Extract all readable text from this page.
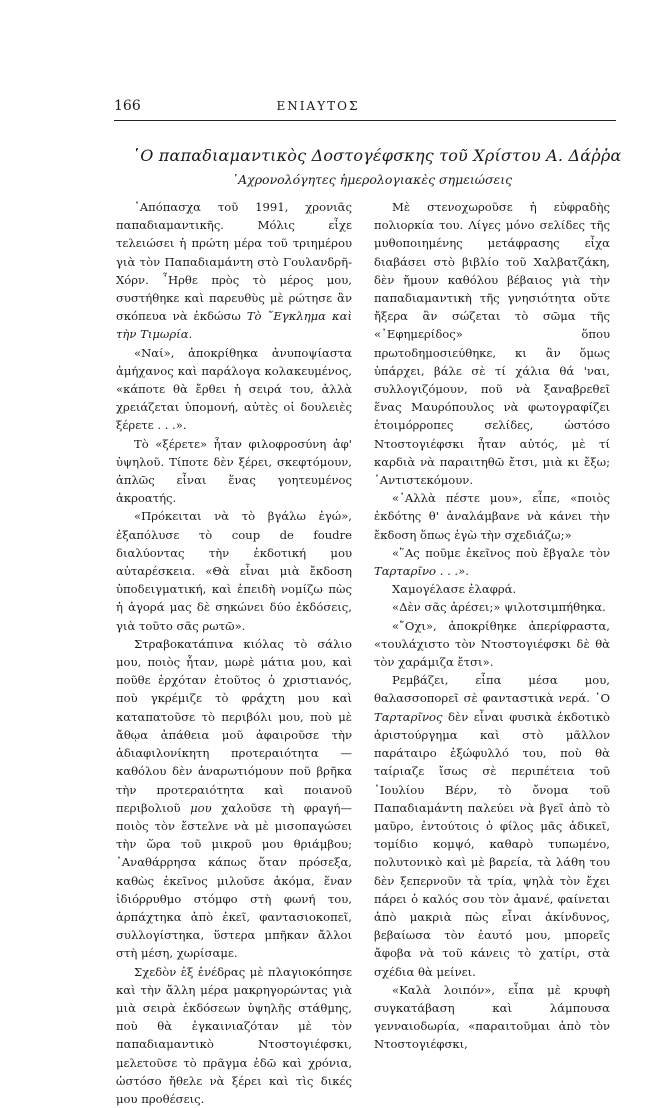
166	ΕΝΙΑΥΤΟΣ
῾Ο παπαδιαμαντικὸς Δοστογέφσκης τοῦ Χρίστου Α. Δάῤῥα
᾽Αχρονολόγητες ἡμερολογιακὲς σημειώσεις

᾽Απόπασχα τοῦ 1991, χρονιᾶς παπαδιαμαντικῆς. Μόλις εἶχε τελειώσει ἡ πρώτη μέρα τοῦ τριημέρου γιὰ τὸν Παπαδιαμάντη στὸ Γουλανδρῆ-Χόρν. ῏Ηρθε πρὸς τὸ μέρος μου, συστήθηκε καὶ παρευθὺς μὲ ρώτησε ἂν σκόπευα νὰ ἐκδώσω Τὸ ῎Εγκλημα καὶ τὴν Τιμωρία.

«Ναί», ἀποκρίθηκα ἀνυποψίαστα ἀμήχανος καὶ παράλογα κολακευμένος, «κάποτε θὰ ἔρθει ἡ σειρά του, ἀλλὰ χρειάζεται ὑπομονή, αὐτὲς οἱ δουλειὲς ξέρετε . . .».

Τὸ «ξέρετε» ἦταν φιλοφροσύνη ἀφ' ὑψηλοῦ. Τίποτε δὲν ξέρει, σκεφτόμουν, ἁπλῶς εἶναι ἕνας γοητευμένος ἀκροατής.

«Πρόκειται νὰ τὸ βγάλω ἐγώ», ἐξαπόλυσε τὸ coup de foudre διαλύοντας τὴν ἐκδοτική μου αὐταρέσκεια. «Θὰ εἶναι μιὰ ἔκδοση ὑποδειγματική, καὶ ἐπειδὴ νομίζω πὼς ἡ ἀγορά μας δὲ σηκώνει δύο ἐκδόσεις, γιὰ τοῦτο σᾶς ρωτῶ».

Στραβοκατάπινα κιόλας τὸ σάλιο μου, ποιὸς ἦταν, μωρὲ μάτια μου, καὶ ποῦθε ἐρχόταν ἐτοῦτος ὁ χριστιανός, ποὺ γκρέμιζε τὸ φράχτη μου καὶ καταπατοῦσε τὸ περιβόλι μου, ποὺ μὲ ἄθῳα ἀπάθεια μοῦ ἀφαιροῦσε τὴν ἀδιαφιλονίκητη προτεραιότητα —καθόλου δὲν ἀναρωτιόμουν ποῦ βρῆκα τὴν προτεραιότητα καὶ ποιανοῦ περιβολιοῦ μου χαλοῦσε τὴ φραγή— ποιὸς τὸν ἔστελνε νὰ μὲ μισοπαγώσει τὴν ὥρα τοῦ μικροῦ μου θριάμβου; ᾽Αναθάρρησα κάπως ὅταν πρόσεξα, καθὼς ἐκεῖνος μιλοῦσε ἀκόμα, ἕναν ἰδιόρρυθμο στόμφο στὴ φωνή του, ἁρπάχτηκα ἀπὸ ἐκεῖ, φαντασιοκοπεῖ, συλλογίστηκα, ὕστερα μπῆκαν ἄλλοι στὴ μέση, χωρίσαμε.

Σχεδὸν ἐξ ἐνέδρας μὲ πλαγιοκόπησε καὶ τὴν ἄλλη μέρα μακρηγορώντας γιὰ μιὰ σειρὰ ἐκδόσεων ὑψηλῆς στάθμης, ποὺ θὰ ἐγκαινιαζόταν μὲ τὸν παπαδιαμαντικὸ Ντοστογιέφσκι, μελετοῦσε τὸ πρᾶγμα ἐδῶ καὶ χρόνια, ὡστόσο ἤθελε νὰ ξέρει καὶ τὶς δικές μου προθέσεις.

Μὲ στενοχωροῦσε ἡ εὐφραδὴς πολιορκία του. Λίγες μόνο σελίδες τῆς μυθοποιημένης μετάφρασης εἶχα διαβάσει στὸ βιβλίο τοῦ Χαλβατζάκη, δὲν ἤμουν καθόλου βέβαιος γιὰ τὴν παπαδιαμαντικὴ τῆς γνησιότητα οὔτε ἤξερα ἂν σώζεται τὸ σῶμα τῆς «᾽Εφημερίδος» ὅπου πρωτοδημοσιεύθηκε, κι ἂν ὅμως ὑπάρχει, βάλε σὲ τί χάλια θά 'ναι, συλλογιζόμουν, ποῦ νὰ ξαναβρεθεῖ ἕνας Μαυρόπουλος νὰ φωτογραφίζει ἑτοιμόρροπες σελίδες, ὡστόσο Ντοστογιέφσκι ἦταν αὐτός, μὲ τί καρδιὰ νὰ παραιτηθῶ ἔτσι, μιὰ κι ἔξω; ᾽Αντιστεκόμουν.

«᾽Αλλὰ πέστε μου», εἶπε, «ποιὸς ἐκδότης θ' ἀναλάμβανε νὰ κάνει τὴν ἔκδοση ὅπως ἐγὼ τὴν σχεδιάζω;»

«῞Ας ποῦμε ἐκεῖνος ποὺ ἔβγαλε τὸν Ταρταρῖνο . . .».

Χαμογέλασε ἐλαφρά.

«Δὲν σᾶς ἀρέσει;» ψιλοτσιμπήθηκα.

«῎Οχι», ἀποκρίθηκε ἀπερίφραστα, «τουλάχιστο τὸν Ντοστογιέφσκι δὲ θὰ τὸν χαράμιζα ἔτσι».

Ρεμβάζει, εἶπα μέσα μου, θαλασσοπορεῖ σὲ φανταστικὰ νερά. ῾Ο Ταρταρῖνος δὲν εἶναι φυσικὰ ἐκδοτικὸ ἀριστούργημα καὶ στὸ μᾶλλον παράταιρο ἐξώφυλλό του, ποὺ θὰ ταίριαζε ἴσως σὲ περιπέτεια τοῦ ᾽Ιουλίου Βέρν, τὸ ὄνομα τοῦ Παπαδιαμάντη παλεύει νὰ βγεῖ ἀπὸ τὸ μαῦρο, ἐντούτοις ὁ φίλος μᾶς ἀδικεῖ, τομίδιο κομψό, καθαρὸ τυπωμένο, πολυτονικὸ καὶ μὲ βαρεία, τὰ λάθη του δὲν ξεπερνοῦν τὰ τρία, ψηλὰ τὸν ἔχει πάρει ὁ καλός σου τὸν ἀμανέ, φαίνεται ἀπὸ μακριὰ πὼς εἶναι ἀκίνδυνος, βεβαίωσα τὸν ἑαυτό μου, μπορεῖς ἄφοβα νὰ τοῦ κάνεις τὸ χατίρι, στὰ σχέδια θὰ μείνει.

«Καλὰ λοιπόν», εἶπα μὲ κρυφὴ συγκατάβαση καὶ λάμπουσα γενναιοδωρία, «παραιτοῦμαι ἀπὸ τὸν Ντοστογιέφσκι,
